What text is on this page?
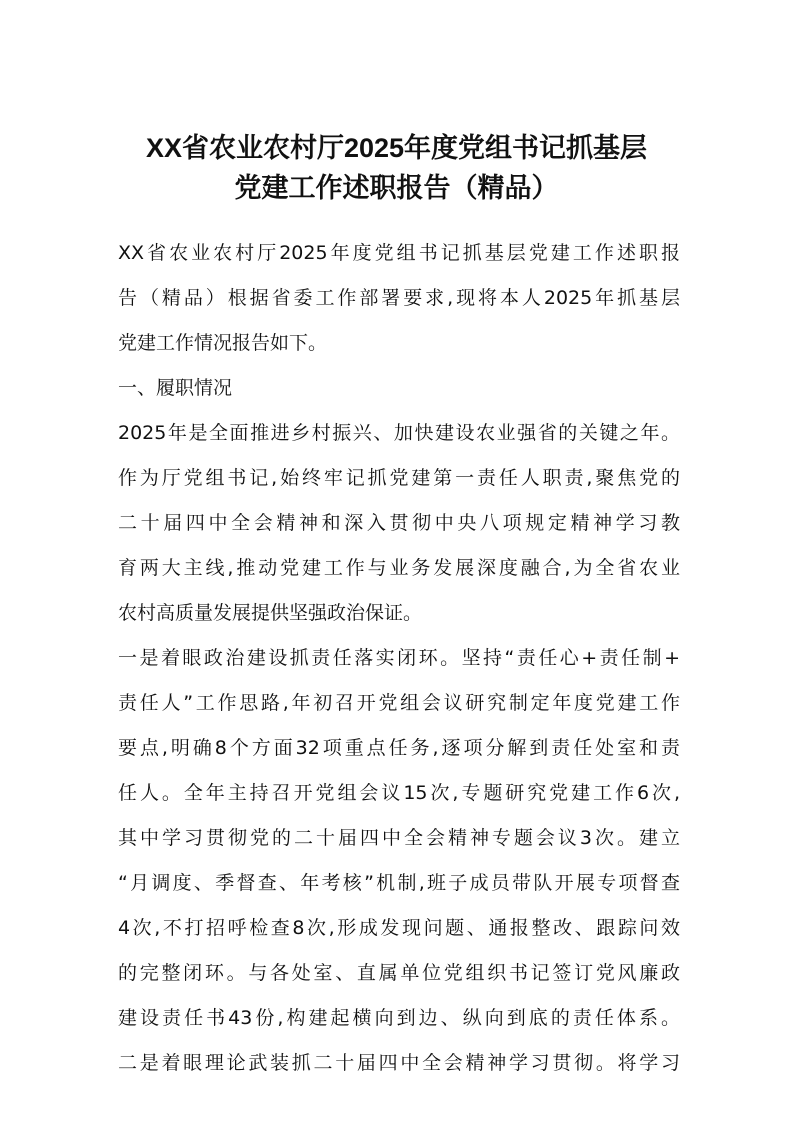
XX省农业农村厅2025年度党组书记抓基层
党建工作述职报告（精品）
XX省农业农村厅2025年度党组书记抓基层党建工作述职报
告（精品）根据省委工作部署要求,现将本人2025年抓基层
党建工作情况报告如下。
一、履职情况
2025年是全面推进乡村振兴、加快建设农业强省的关键之年。
作为厅党组书记,始终牢记抓党建第一责任人职责,聚焦党的
二十届四中全会精神和深入贯彻中央八项规定精神学习教
育两大主线,推动党建工作与业务发展深度融合,为全省农业
农村高质量发展提供坚强政治保证。
一是着眼政治建设抓责任落实闭环。坚持“责任心+责任制+
责任人”工作思路,年初召开党组会议研究制定年度党建工作
要点,明确8个方面32项重点任务,逐项分解到责任处室和责
任人。全年主持召开党组会议15次,专题研究党建工作6次,
其中学习贯彻党的二十届四中全会精神专题会议3次。建立
“月调度、季督查、年考核”机制,班子成员带队开展专项督查
4次,不打招呼检查8次,形成发现问题、通报整改、跟踪问效
的完整闭环。与各处室、直属单位党组织书记签订党风廉政
建设责任书43份,构建起横向到边、纵向到底的责任体系。
二是着眼理论武装抓二十届四中全会精神学习贯彻。将学习
